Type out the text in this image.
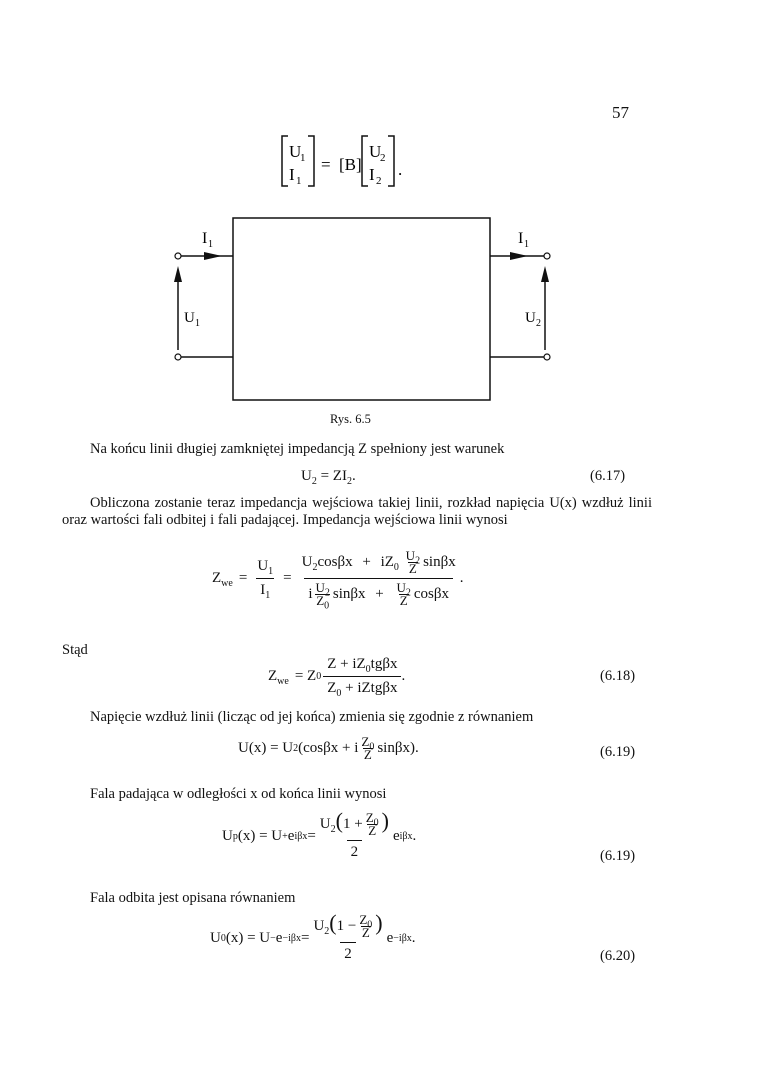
57
U
1
I 1
= [B]
U
2
I 2
.
I 1	I 1
U 1	U 2
Rys. 6.5
Na końcu linii długiej zamkniętej impedancją Z spełniony jest warunek
$U_2 = ZI_2$.	(6.17)
Obliczona zostanie teraz impedancja wejściowa takiej linii, rozkład napięcia U(x) wzdłuż linii oraz wartości fali odbitej i fali padającej. Impedancja wejściowa linii wynosi
$Z_{we} = \frac{U_1}{I_1} = \frac{U_2\cos\beta x + iZ_0 \frac{U_2}{Z} \sin\beta x}{i \frac{U_2}{Z_0} \sin\beta x + \frac{U_2}{Z} \cos\beta x}$ .
Stąd
$Z_{we} = Z$ 0
$Z + iZ_0tg\beta x$
$Z_0$ + iZtgβx
.	(6.18)
Napięcie wzdłuż linii (licząc od jej końca) zmienia się zgodnie z równaniem
U(x) = U 2 (cosβx + i $\frac{Z_0}{Z} \sin\beta x$) .	(6.19)
Fala padająca w odległości x od końca linii wynosi
U p (x) = U + e $i\beta x = \frac{U_2(1 + \frac{Z_0}{Z} )}{2}$ e iβx .
(6.19)
Fala odbita jest opisana równaniem
U 0 $(x) = U - e -i\beta x = \frac{U_2(1 - \frac{Z_0}{Z} )}{2}$ e −iβx .
(6.20)
